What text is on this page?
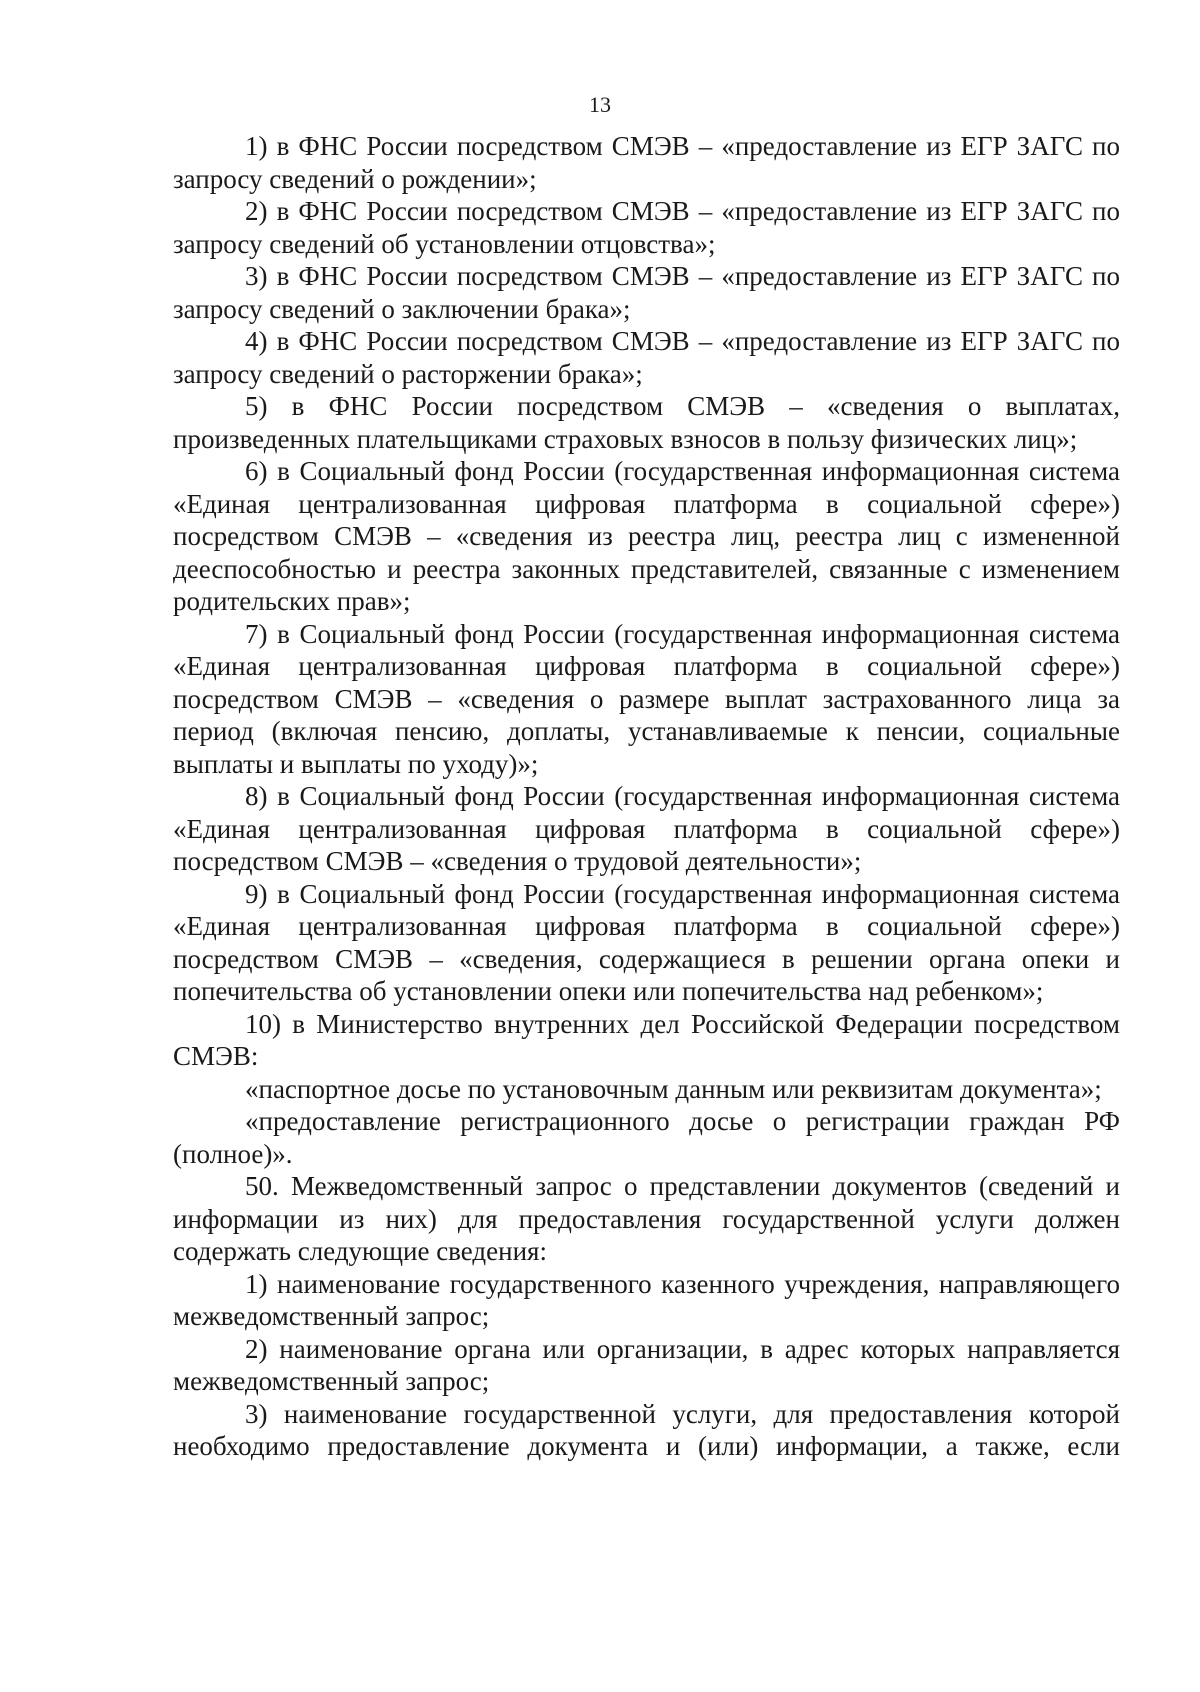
13

1) в ФНС России посредством СМЭВ – «предоставление из ЕГР ЗАГС по запросу сведений о рождении»;

2) в ФНС России посредством СМЭВ – «предоставление из ЕГР ЗАГС по запросу сведений об установлении отцовства»;

3) в ФНС России посредством СМЭВ – «предоставление из ЕГР ЗАГС по запросу сведений о заключении брака»;

4) в ФНС России посредством СМЭВ – «предоставление из ЕГР ЗАГС по запросу сведений о расторжении брака»;

5) в ФНС России посредством СМЭВ – «сведения о выплатах, произведенных плательщиками страховых взносов в пользу физических лиц»;

6) в Социальный фонд России (государственная информационная система «Единая централизованная цифровая платформа в социальной сфере») посредством СМЭВ – «сведения из реестра лиц, реестра лиц с измененной дееспособностью и реестра законных представителей, связанные с изменением родительских прав»;

7) в Социальный фонд России (государственная информационная система «Единая централизованная цифровая платформа в социальной сфере») посредством СМЭВ – «сведения о размере выплат застрахованного лица за период (включая пенсию, доплаты, устанавливаемые к пенсии, социальные выплаты и выплаты по уходу)»;

8) в Социальный фонд России (государственная информационная система «Единая централизованная цифровая платформа в социальной сфере») посредством СМЭВ – «сведения о трудовой деятельности»;

9) в Социальный фонд России (государственная информационная система «Единая централизованная цифровая платформа в социальной сфере») посредством СМЭВ – «сведения, содержащиеся в решении органа опеки и попечительства об установлении опеки или попечительства над ребенком»;

10) в Министерство внутренних дел Российской Федерации посредством СМЭВ:

«паспортное досье по установочным данным или реквизитам документа»;

«предоставление регистрационного досье о регистрации граждан РФ (полное)».

50. Межведомственный запрос о представлении документов (сведений и информации из них) для предоставления государственной услуги должен содержать следующие сведения:

1) наименование государственного казенного учреждения, направляющего межведомственный запрос;

2) наименование органа или организации, в адрес которых направляется межведомственный запрос;

3) наименование государственной услуги, для предоставления которой необходимо предоставление документа и (или) информации, а также, если
